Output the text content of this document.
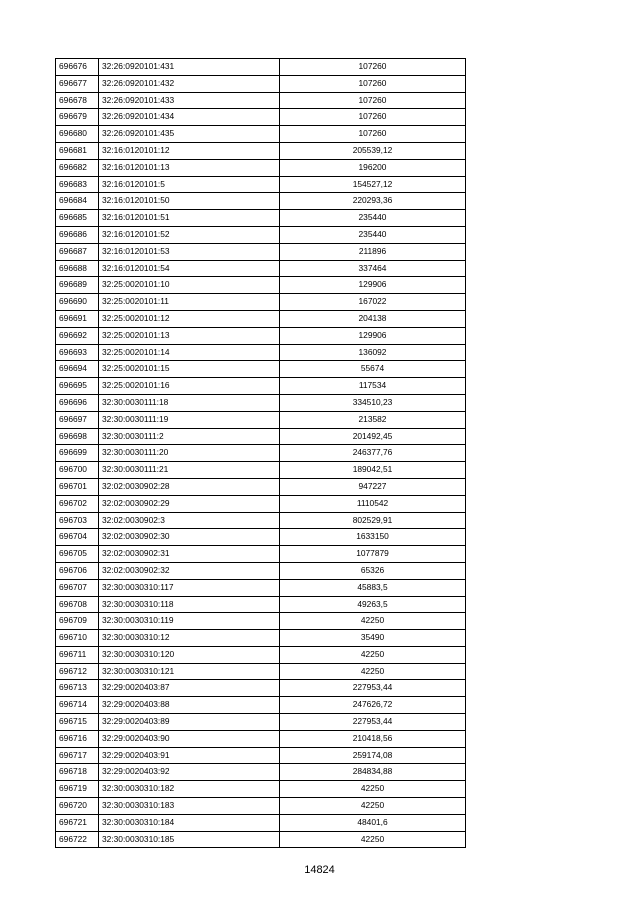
696676	32:26:0920101:431	107260
696677	32:26:0920101:432	107260
696678	32:26:0920101:433	107260
696679	32:26:0920101:434	107260
696680	32:26:0920101:435	107260
696681	32:16:0120101:12	205539,12
696682	32:16:0120101:13	196200
696683	32:16:0120101:5	154527,12
696684	32:16:0120101:50	220293,36
696685	32:16:0120101:51	235440
696686	32:16:0120101:52	235440
696687	32:16:0120101:53	211896
696688	32:16:0120101:54	337464
696689	32:25:0020101:10	129906
696690	32:25:0020101:11	167022
696691	32:25:0020101:12	204138
696692	32:25:0020101:13	129906
696693	32:25:0020101:14	136092
696694	32:25:0020101:15	55674
696695	32:25:0020101:16	117534
696696	32:30:0030111:18	334510,23
696697	32:30:0030111:19	213582
696698	32:30:0030111:2	201492,45
696699	32:30:0030111:20	246377,76
696700	32:30:0030111:21	189042,51
696701	32:02:0030902:28	947227
696702	32:02:0030902:29	1110542
696703	32:02:0030902:3	802529,91
696704	32:02:0030902:30	1633150
696705	32:02:0030902:31	1077879
696706	32:02:0030902:32	65326
696707	32:30:0030310:117	45883,5
696708	32:30:0030310:118	49263,5
696709	32:30:0030310:119	42250
696710	32:30:0030310:12	35490
696711	32:30:0030310:120	42250
696712	32:30:0030310:121	42250
696713	32:29:0020403:87	227953,44
696714	32:29:0020403:88	247626,72
696715	32:29:0020403:89	227953,44
696716	32:29:0020403:90	210418,56
696717	32:29:0020403:91	259174,08
696718	32:29:0020403:92	284834,88
696719	32:30:0030310:182	42250
696720	32:30:0030310:183	42250
696721	32:30:0030310:184	48401,6
696722	32:30:0030310:185	42250
14824
